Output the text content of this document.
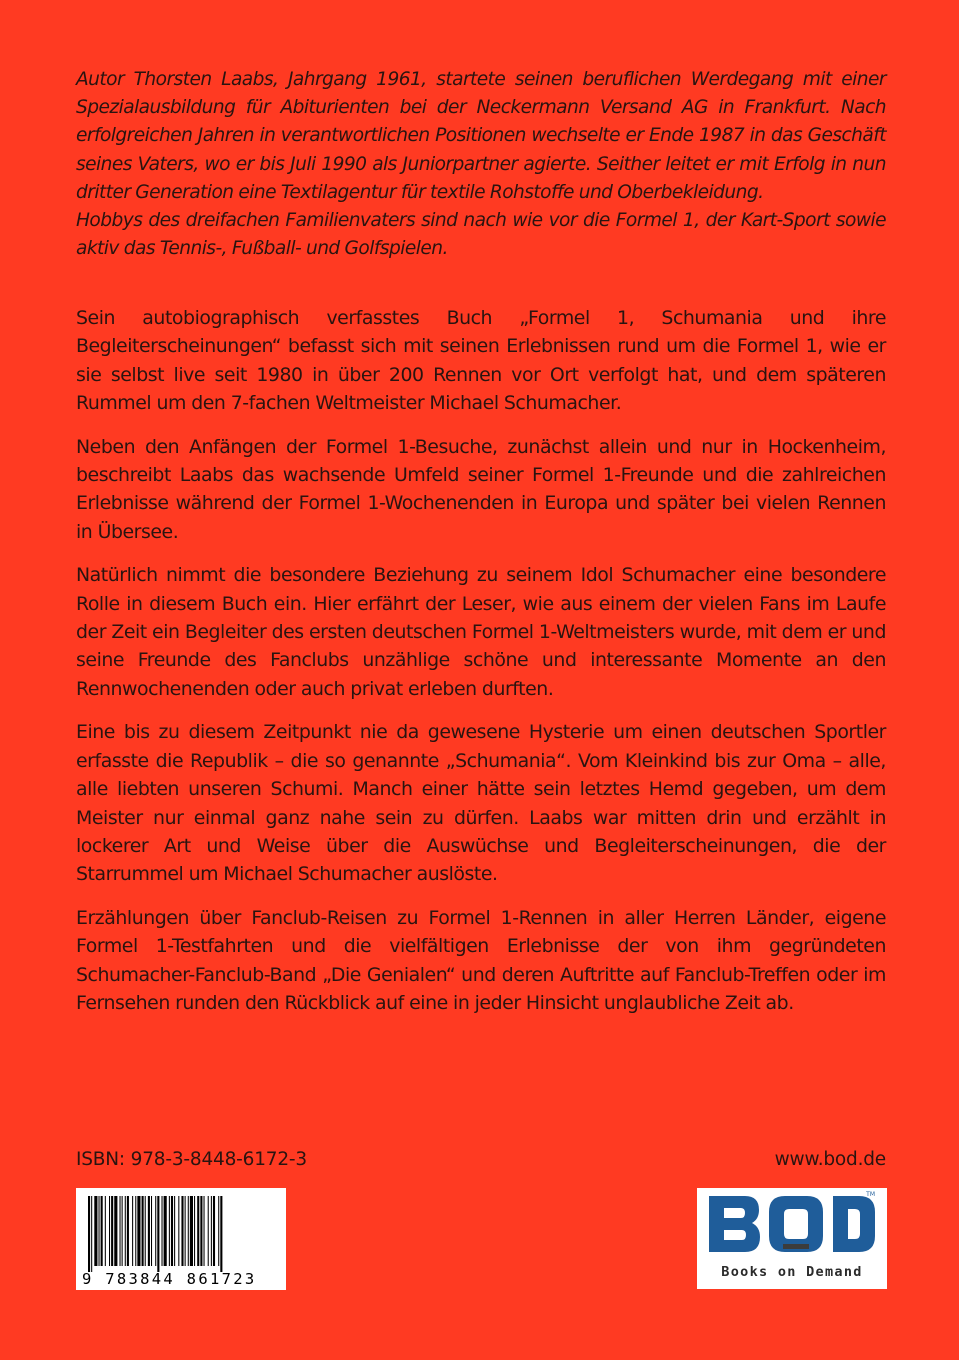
Autor Thorsten Laabs, Jahrgang 1961, startete seinen beruflichen Werdegang mit einer Spezialausbildung für Abiturienten bei der Neckermann Versand AG in Frankfurt. Nach erfolgreichen Jahren in verantwortlichen Positionen wechselte er Ende 1987 in das Geschäft seines Vaters, wo er bis Juli 1990 als Juniorpartner agierte. Seither leitet er mit Erfolg in nun dritter Generation eine Textilagentur für textile Rohstoffe und Oberbekleidung.

Hobbys des dreifachen Familienvaters sind nach wie vor die Formel 1, der Kart-Sport sowie aktiv das Tennis-, Fußball- und Golfspielen.

Sein autobiographisch verfasstes Buch „Formel 1, Schumania und ihre Begleiterscheinungen“ befasst sich mit seinen Erlebnissen rund um die Formel 1, wie er sie selbst live seit 1980 in über 200 Rennen vor Ort verfolgt hat, und dem späteren Rummel um den 7-fachen Weltmeister Michael Schumacher.

Neben den Anfängen der Formel 1-Besuche, zunächst allein und nur in Hockenheim, beschreibt Laabs das wachsende Umfeld seiner Formel 1-Freunde und die zahlreichen Erlebnisse während der Formel 1-Wochenenden in Europa und später bei vielen Rennen in Übersee.

Natürlich nimmt die besondere Beziehung zu seinem Idol Schumacher eine besondere Rolle in diesem Buch ein. Hier erfährt der Leser, wie aus einem der vielen Fans im Laufe der Zeit ein Begleiter des ersten deutschen Formel 1-Weltmeisters wurde, mit dem er und seine Freunde des Fanclubs unzählige schöne und interessante Momente an den Rennwochenenden oder auch privat erleben durften.

Eine bis zu diesem Zeitpunkt nie da gewesene Hysterie um einen deutschen Sportler erfasste die Republik – die so genannte „Schumania“. Vom Kleinkind bis zur Oma – alle, alle liebten unseren Schumi. Manch einer hätte sein letztes Hemd gegeben, um dem Meister nur einmal ganz nahe sein zu dürfen. Laabs war mitten drin und erzählt in lockerer Art und Weise über die Auswüchse und Begleiterscheinungen, die der Starrummel um Michael Schumacher auslöste.

Erzählungen über Fanclub-Reisen zu Formel 1-Rennen in aller Herren Länder, eigene Formel 1-Testfahrten und die vielfältigen Erlebnisse der von ihm gegründeten Schumacher-Fanclub-Band „Die Genialen“ und deren Auftritte auf Fanclub-Treffen oder im Fernsehen runden den Rückblick auf eine in jeder Hinsicht unglaubliche Zeit ab.

ISBN: 978-3-8448-6172-3	www.bod.de
9 783844 861723
TM
Books on Demand
